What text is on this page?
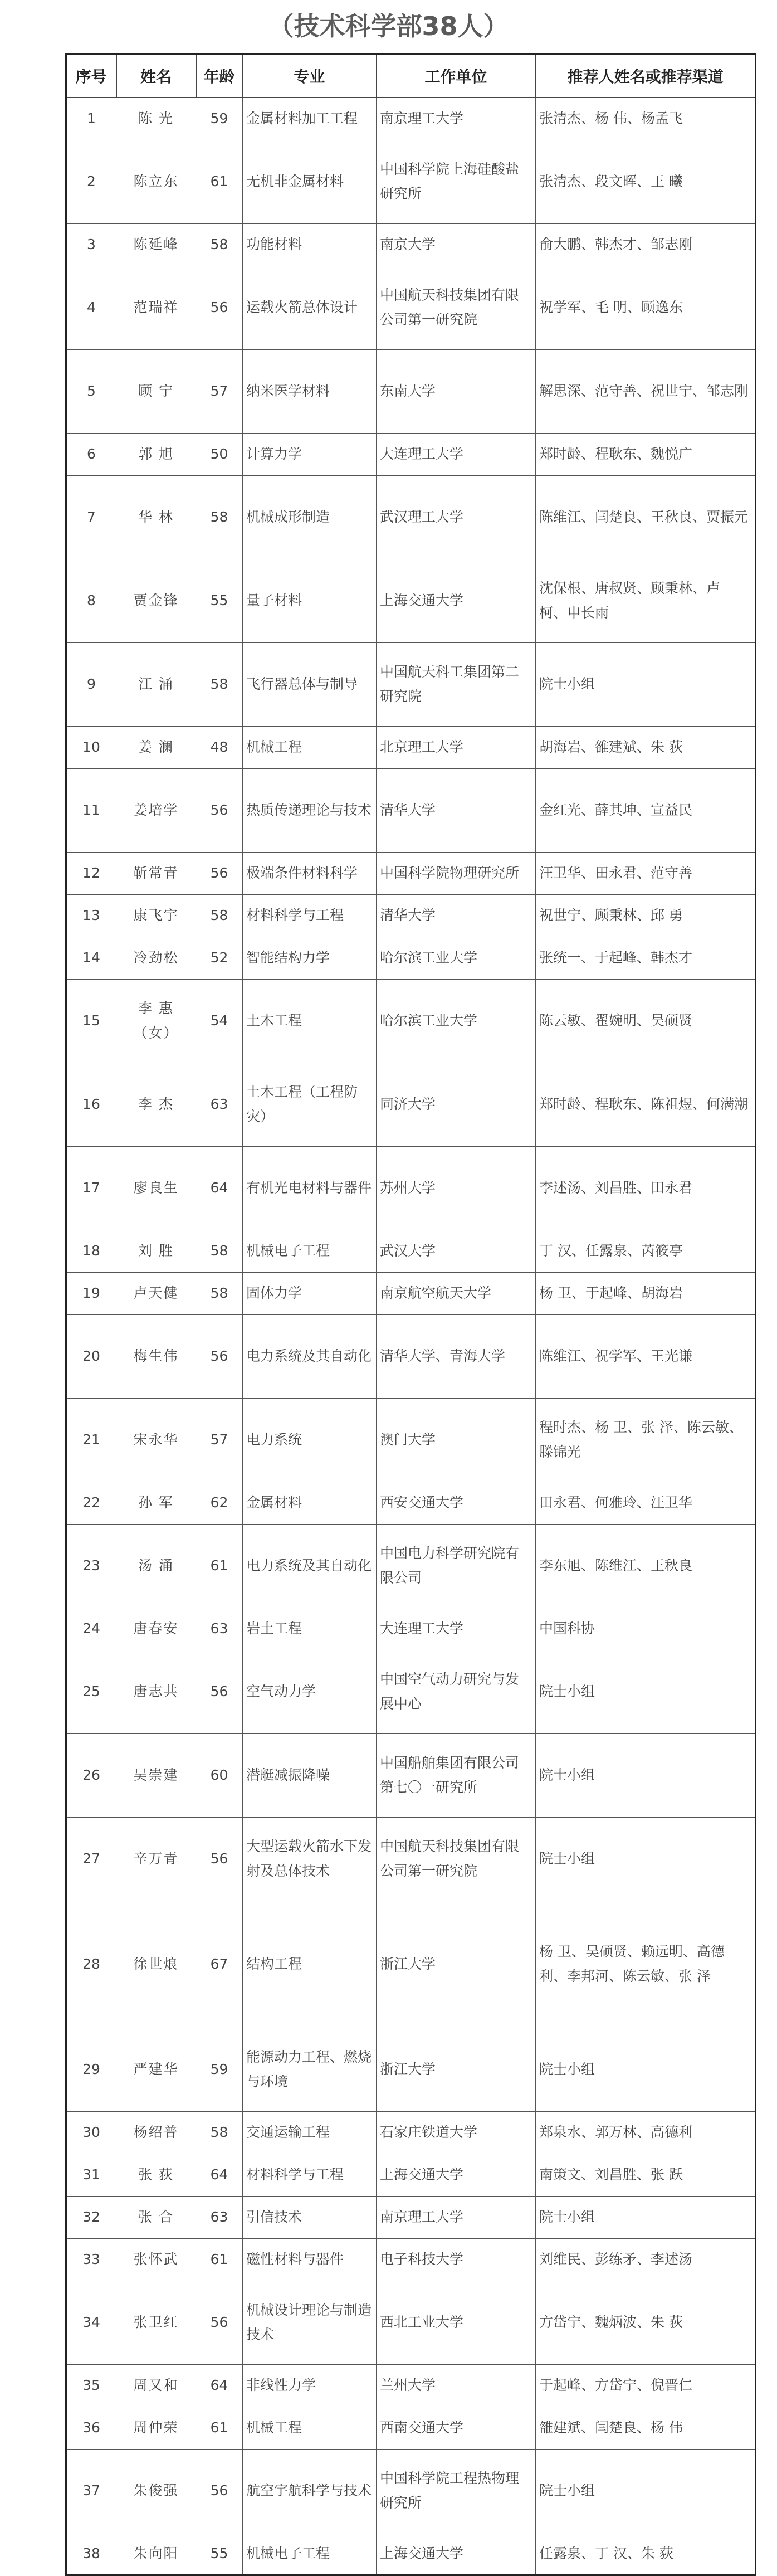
（技术科学部38人）
序号	姓名	年龄	专业	工作单位	推荐人姓名或推荐渠道
1	陈 光	59	金属材料加工工程	南京理工大学	张清杰、杨 伟、杨孟飞
2	陈立东	61	无机非金属材料	中国科学院上海硅酸盐研究所	张清杰、段文晖、王 曦
3	陈延峰	58	功能材料	南京大学	俞大鹏、韩杰才、邹志刚
4	范瑞祥	56	运载火箭总体设计	中国航天科技集团有限公司第一研究院	祝学军、毛 明、顾逸东
5	顾 宁	57	纳米医学材料	东南大学	解思深、范守善、祝世宁、邹志刚
6	郭 旭	50	计算力学	大连理工大学	郑时龄、程耿东、魏悦广
7	华 林	58	机械成形制造	武汉理工大学	陈维江、闫楚良、王秋良、贾振元
8	贾金锋	55	量子材料	上海交通大学	沈保根、唐叔贤、顾秉林、卢 柯、申长雨
9	江 涌	58	飞行器总体与制导	中国航天科工集团第二研究院	院士小组
10	姜 澜	48	机械工程	北京理工大学	胡海岩、雒建斌、朱 荻
11	姜培学	56	热质传递理论与技术	清华大学	金红光、薛其坤、宣益民
12	靳常青	56	极端条件材料科学	中国科学院物理研究所	汪卫华、田永君、范守善
13	康飞宇	58	材料科学与工程	清华大学	祝世宁、顾秉林、邱 勇
14	冷劲松	52	智能结构力学	哈尔滨工业大学	张统一、于起峰、韩杰才
15	李 惠（女）	54	土木工程	哈尔滨工业大学	陈云敏、翟婉明、吴硕贤
16	李 杰	63	土木工程（工程防灾）	同济大学	郑时龄、程耿东、陈祖煜、何满潮
17	廖良生	64	有机光电材料与器件	苏州大学	李述汤、刘昌胜、田永君
18	刘 胜	58	机械电子工程	武汉大学	丁 汉、任露泉、芮筱亭
19	卢天健	58	固体力学	南京航空航天大学	杨 卫、于起峰、胡海岩
20	梅生伟	56	电力系统及其自动化	清华大学、青海大学	陈维江、祝学军、王光谦
21	宋永华	57	电力系统	澳门大学	程时杰、杨 卫、张 泽、陈云敏、滕锦光
22	孙 军	62	金属材料	西安交通大学	田永君、何雅玲、汪卫华
23	汤 涌	61	电力系统及其自动化	中国电力科学研究院有限公司	李东旭、陈维江、王秋良
24	唐春安	63	岩土工程	大连理工大学	中国科协
25	唐志共	56	空气动力学	中国空气动力研究与发展中心	院士小组
26	吴崇建	60	潜艇减振降噪	中国船舶集团有限公司第七〇一研究所	院士小组
27	辛万青	56	大型运载火箭水下发射及总体技术	中国航天科技集团有限公司第一研究院	院士小组
28	徐世烺	67	结构工程	浙江大学	杨 卫、吴硕贤、赖远明、高德利、李邦河、陈云敏、张 泽
29	严建华	59	能源动力工程、燃烧与环境	浙江大学	院士小组
30	杨绍普	58	交通运输工程	石家庄铁道大学	郑泉水、郭万林、高德利
31	张 荻	64	材料科学与工程	上海交通大学	南策文、刘昌胜、张 跃
32	张 合	63	引信技术	南京理工大学	院士小组
33	张怀武	61	磁性材料与器件	电子科技大学	刘维民、彭练矛、李述汤
34	张卫红	56	机械设计理论与制造技术	西北工业大学	方岱宁、魏炳波、朱 荻
35	周又和	64	非线性力学	兰州大学	于起峰、方岱宁、倪晋仁
36	周仲荣	61	机械工程	西南交通大学	雒建斌、闫楚良、杨 伟
37	朱俊强	56	航空宇航科学与技术	中国科学院工程热物理研究所	院士小组
38	朱向阳	55	机械电子工程	上海交通大学	任露泉、丁 汉、朱 荻
